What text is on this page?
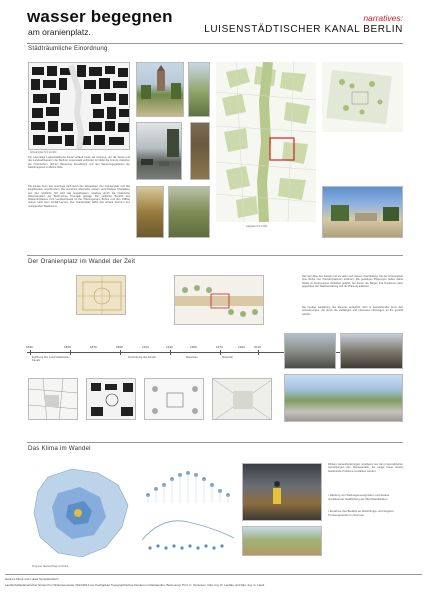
wasser begegnen
am oranienplatz.
narratives:
LUISENSTÄDTISCHER KANAL BERLIN
Städträumliche Einordnung
Schwarzplan M 1:10.000
Der ehemalige Luisenstädtische Kanal verläuft heute als Grünzug, der die Spree und den Landwehrkanal in der Berliner Luisenstadt verbindet. Er bildet die Grenze zwischen der historischen, dichten Bebauung Kreuzbergs und den Sanierungsgebieten der Nachkriegszeit im Bezirk Mitte.
Die lineare Form des Grünzugs wird durch den Wasserlauf, den Oranienplatz und das Engelbecken unterbrochen. Die einzelnen Abschnitte weisen verschiedene Charaktere auf. Der nördliche Teil wird das Engelbecken, welches durch die historische Rekonstruktion der Berlin'schen Thematik geprägt. Der südlichen Bereich des Wassertorplatzes zum Landwehrkanal ist der Planungsraum Bühne und den 1980er Jahren nach dem Verfall Lennes. Der Oranienplatz bildet das urbane Zentrum des umliegenden Stadtraums.
Lageplan M 1:5.000
Der Oranienplatz im Wandel der Zeit
Seit dem Bau des Kanals und vor allem seit dessen Zuschüttung, hat der Oranienplatz eine Reihe von Transformationen erfahren. Die jeweiligen Planungen haben dabei häufig zu kontroversen Debatten geführt, bei denen die Bürger ihre Positionen aktiv gegenüber der Stadtverwaltung und der Planung äußerten.
Die heutige Gestaltung des Raumes entspricht nicht in ausreichender Form den Anforderungen, die durch die vielfältigen und intensiven Nutzungen an ihn gestellt werden.
1830	1850	1870	1890	1910	1930	1950	1970	1990	2010
Eröffnung des Luisenstädtischen Kanals
Zuschüttung des Kanals	Mauerbau	Mauerfall
Das Klima im Wandel
Prognose Niederschlag und Klima
Weitere Herausforderungen resultieren aus den prognostizierten Auswirkungen des Klimawandels, die einige heute bereits bestehende Probleme verstärken werden:
• Häufung von Starkregenereignissen und daraus resultierende Gefährdung der Mischkanalisation
• Zunahme des Bedarfs an Abkühlungs- und längerer Trockenperioden im Sommer
Hannes Munk und Lukas Spreidersbach
Landschaftsplanerischer Entwurf im Wintersemester 2012/2013 am Fachgebiet Topographisches Denken und Entwerfen; Betreuung: Prof. C. Sörensen, Dipl.-Ing. R. Liedtke und Dipl.-Ing. G. Heck
